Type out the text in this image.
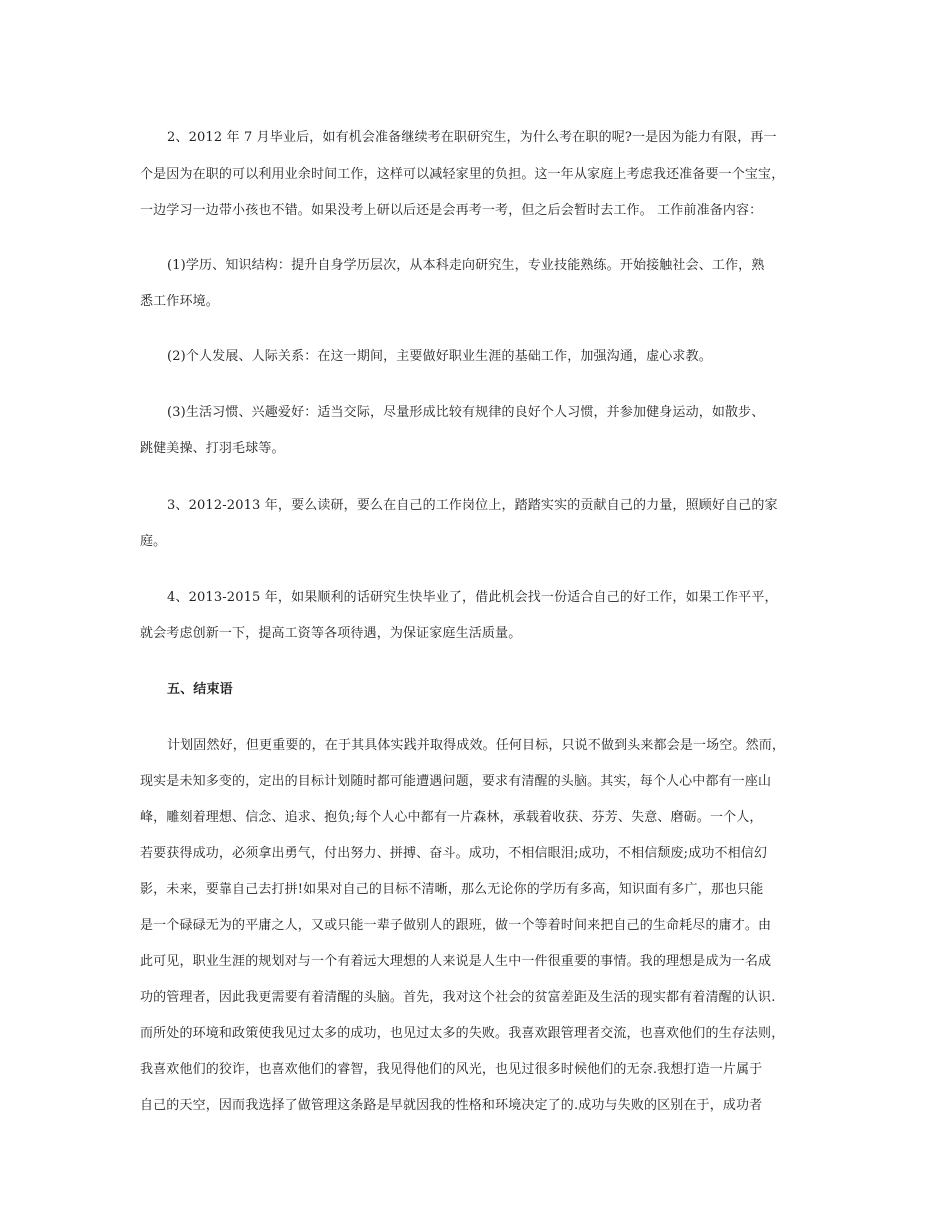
2、2012 年 7 月毕业后，如有机会准备继续考在职研究生，为什么考在职的呢?一是因为能力有限，再一
个是因为在职的可以利用业余时间工作，这样可以减轻家里的负担。这一年从家庭上考虑我还准备要一个宝宝，
一边学习一边带小孩也不错。如果没考上研以后还是会再考一考，但之后会暂时去工作。 工作前准备内容：
(1)学历、知识结构：提升自身学历层次，从本科走向研究生，专业技能熟练。开始接触社会、工作，熟
悉工作环境。
(2)个人发展、人际关系：在这一期间，主要做好职业生涯的基础工作，加强沟通，虚心求教。
(3)生活习惯、兴趣爱好：适当交际，尽量形成比较有规律的良好个人习惯，并参加健身运动，如散步、
跳健美操、打羽毛球等。
3、2012-2013 年，要么读研，要么在自己的工作岗位上，踏踏实实的贡献自己的力量，照顾好自己的家
庭。
4、2013-2015 年，如果顺利的话研究生快毕业了，借此机会找一份适合自己的好工作，如果工作平平，
就会考虑创新一下，提高工资等各项待遇，为保证家庭生活质量。
五、结束语
计划固然好，但更重要的，在于其具体实践并取得成效。任何目标，只说不做到头来都会是一场空。然而，
现实是未知多变的，定出的目标计划随时都可能遭遇问题，要求有清醒的头脑。其实，每个人心中都有一座山
峰，雕刻着理想、信念、追求、抱负;每个人心中都有一片森林，承载着收获、芬芳、失意、磨砺。一个人，
若要获得成功，必须拿出勇气，付出努力、拼搏、奋斗。成功，不相信眼泪;成功，不相信颓废;成功不相信幻
影，未来，要靠自己去打拼!如果对自己的目标不清晰，那么无论你的学历有多高，知识面有多广，那也只能
是一个碌碌无为的平庸之人，又或只能一辈子做别人的跟班，做一个等着时间来把自己的生命耗尽的庸才。由
此可见，职业生涯的规划对与一个有着远大理想的人来说是人生中一件很重要的事情。我的理想是成为一名成
功的管理者，因此我更需要有着清醒的头脑。首先，我对这个社会的贫富差距及生活的现实都有着清醒的认识.
而所处的环境和政策使我见过太多的成功，也见过太多的失败。我喜欢跟管理者交流，也喜欢他们的生存法则，
我喜欢他们的狡诈，也喜欢他们的睿智，我见得他们的风光，也见过很多时候他们的无奈.我想打造一片属于
自己的天空，因而我选择了做管理这条路是早就因我的性格和环境决定了的.成功与失败的区别在于，成功者
